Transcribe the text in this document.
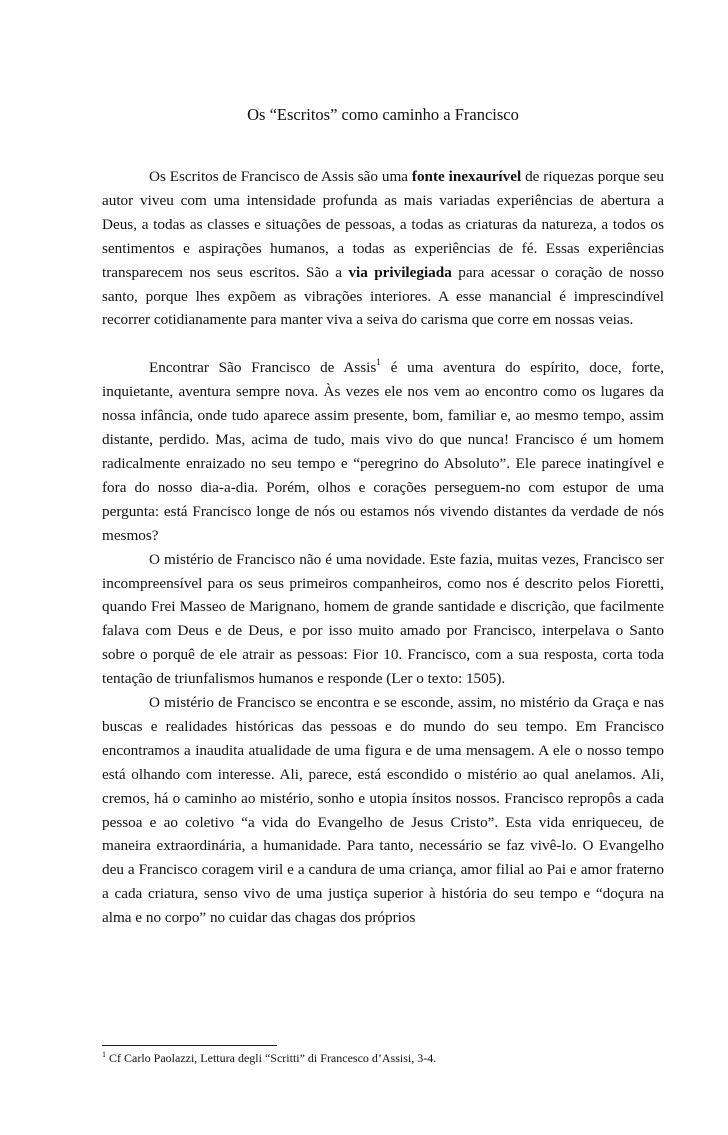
Os “Escritos” como caminho a Francisco

Os Escritos de Francisco de Assis são uma fonte inexaurível de riquezas porque seu autor viveu com uma intensidade profunda as mais variadas experiências de abertura a Deus, a todas as classes e situações de pessoas, a todas as criaturas da natureza, a todos os sentimentos e aspirações humanos, a todas as experiências de fé. Essas experiências transparecem nos seus escritos. São a via privilegiada para acessar o coração de nosso santo, porque lhes expõem as vibrações interiores. A esse manancial é imprescindível recorrer cotidianamente para manter viva a seiva do carisma que corre em nossas veias.

Encontrar São Francisco de Assis$^1$ é uma aventura do espírito, doce, forte, inquietante, aventura sempre nova. Às vezes ele nos vem ao encontro como os lugares da nossa infância, onde tudo aparece assim presente, bom, familiar e, ao mesmo tempo, assim distante, perdido. Mas, acima de tudo, mais vivo do que nunca! Francisco é um homem radicalmente enraizado no seu tempo e “peregrino do Absoluto”. Ele parece inatingível e fora do nosso dia-a-dia. Porém, olhos e corações perseguem-no com estupor de uma pergunta: está Francisco longe de nós ou estamos nós vivendo distantes da verdade de nós mesmos?

O mistério de Francisco não é uma novidade. Este fazia, muitas vezes, Francisco ser incompreensível para os seus primeiros companheiros, como nos é descrito pelos Fioretti, quando Frei Masseo de Marignano, homem de grande santidade e discrição, que facilmente falava com Deus e de Deus, e por isso muito amado por Francisco, interpelava o Santo sobre o porquê de ele atrair as pessoas: Fior 10. Francisco, com a sua resposta, corta toda tentação de triunfalismos humanos e responde (Ler o texto: 1505).

O mistério de Francisco se encontra e se esconde, assim, no mistério da Graça e nas buscas e realidades históricas das pessoas e do mundo do seu tempo. Em Francisco encontramos a inaudita atualidade de uma figura e de uma mensagem. A ele o nosso tempo está olhando com interesse. Ali, parece, está escondido o mistério ao qual anelamos. Ali, cremos, há o caminho ao mistério, sonho e utopia ínsitos nossos. Francisco repropôs a cada pessoa e ao coletivo “a vida do Evangelho de Jesus Cristo”. Esta vida enriqueceu, de maneira extraordinária, a humanidade. Para tanto, necessário se faz vivê-lo. O Evangelho deu a Francisco coragem viril e a candura de uma criança, amor filial ao Pai e amor fraterno a cada criatura, senso vivo de uma justiça superior à história do seu tempo e “doçura na alma e no corpo” no cuidar das chagas dos próprios

$^1$ Cf Carlo Paolazzi, Lettura degli “Scritti” di Francesco d’Assisi, 3-4.
